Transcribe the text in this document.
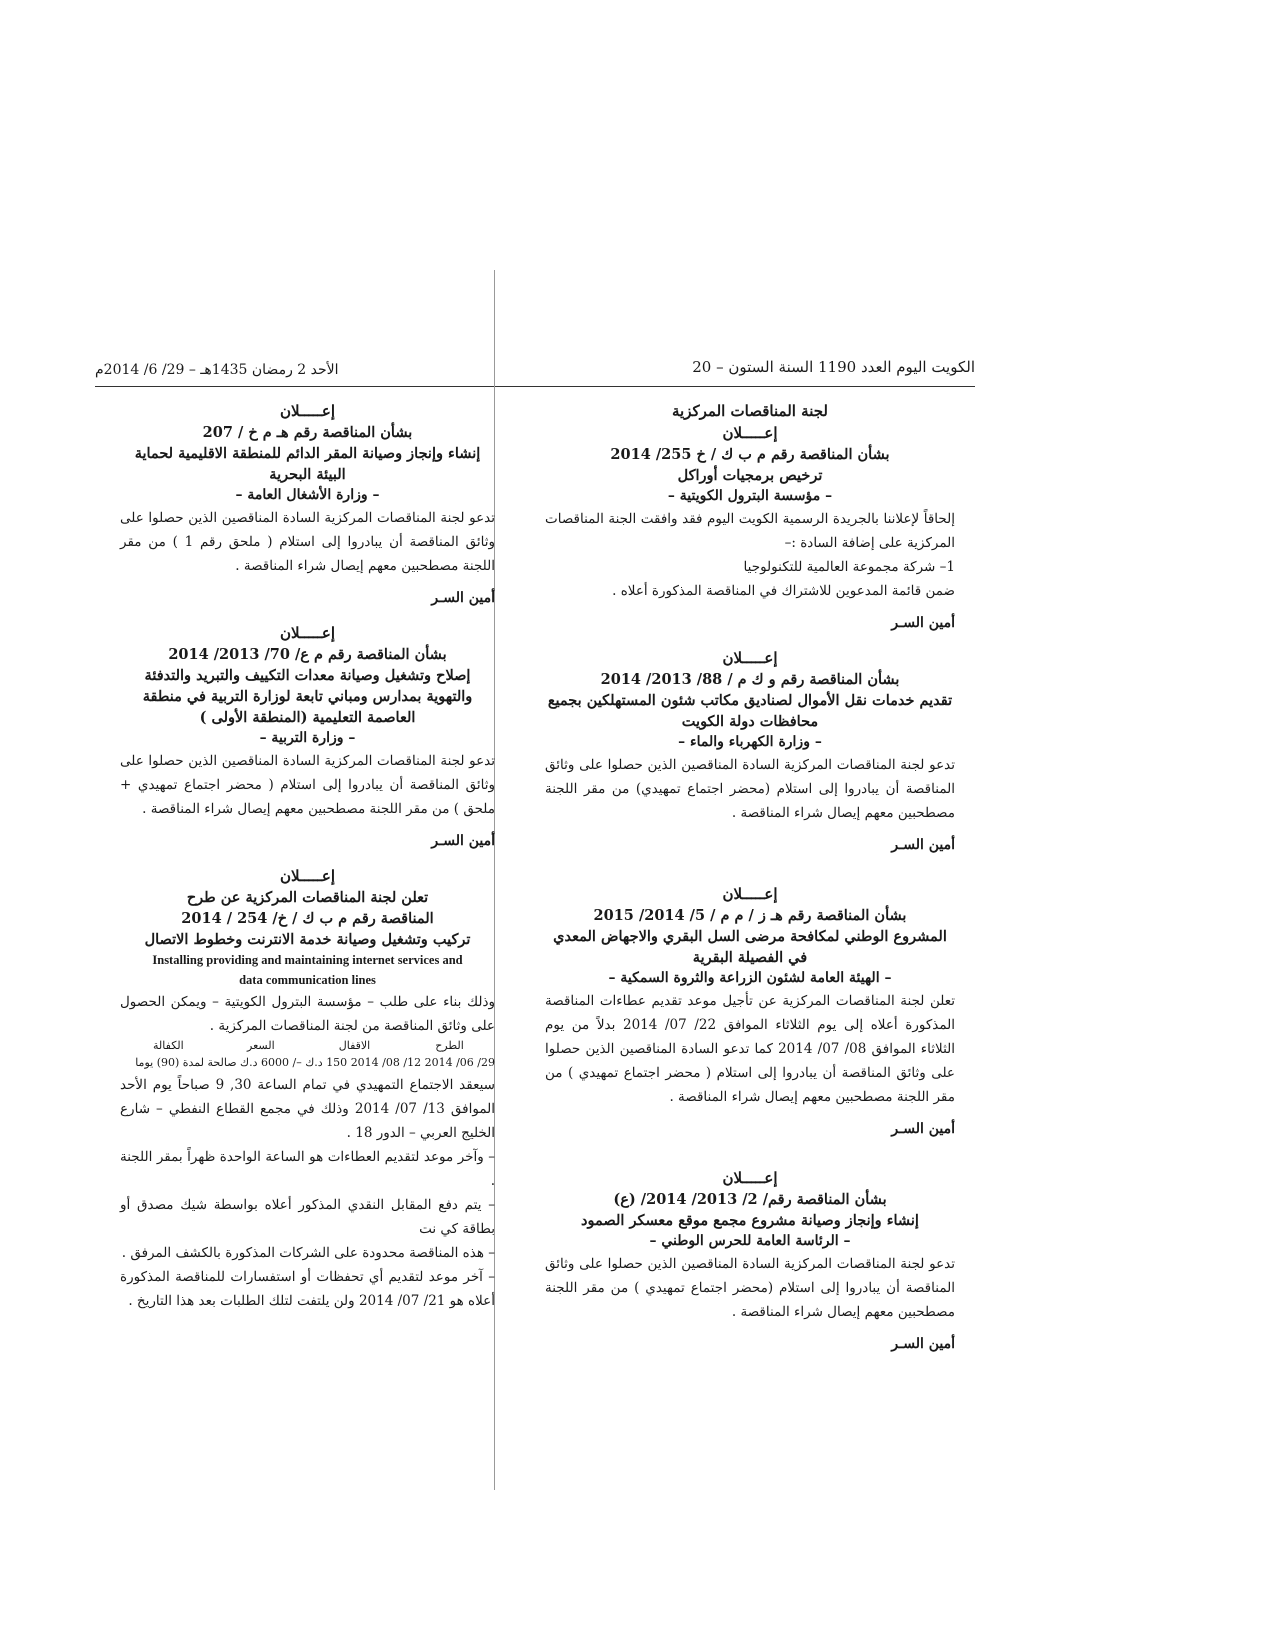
الكويت اليوم العدد 1190 السنة الستون – 20
الأحد 2 رمضان 1435هـ – 29/ 6/ 2014م
لجنة المناقصات المركزية
إعـــــلان
بشأن المناقصة رقم م ب ك / خ 255/ 2014
ترخيص برمجيات أوراكل
– مؤسسة البترول الكويتية –
إلحاقاً لإعلاننا بالجريدة الرسمية الكويت اليوم فقد وافقت الجنة المناقصات المركزية على إضافة السادة :–
1– شركة مجموعة العالمية للتكنولوجيا
ضمن قائمة المدعوين للاشتراك في المناقصة المذكورة أعلاه .
أمين السـر
إعـــــلان
بشأن المناقصة رقم و ك م / 88/ 2013/ 2014
تقديم خدمات نقل الأموال لصناديق مكاتب شئون المستهلكين بجميع محافظات دولة الكويت
– وزارة الكهرباء والماء –
تدعو لجنة المناقصات المركزية السادة المناقصين الذين حصلوا على وثائق المناقصة أن يبادروا إلى استلام (محضر اجتماع تمهيدي) من مقر اللجنة مصطحبين معهم إيصال شراء المناقصة .
أمين السـر
إعـــــلان
بشأن المناقصة رقم هـ ز / م م / 5/ 2014/ 2015
المشروع الوطني لمكافحة مرضى السل البقري والاجهاض المعدي في الفصيلة البقرية
– الهيئة العامة لشئون الزراعة والثروة السمكية –
تعلن لجنة المناقصات المركزية عن تأجيل موعد تقديم عطاءات المناقصة المذكورة أعلاه إلى يوم الثلاثاء الموافق 22/ 07/ 2014 بدلاً من يوم الثلاثاء الموافق 08/ 07/ 2014 كما تدعو السادة المناقصين الذين حصلوا على وثائق المناقصة أن يبادروا إلى استلام ( محضر اجتماع تمهيدي ) من مقر اللجنة مصطحبين معهم إيصال شراء المناقصة .
أمين السـر
إعـــــلان
بشأن المناقصة رقم/ 2/ 2013/ 2014/ (ع)
إنشاء وإنجاز وصيانة مشروع مجمع موقع معسكر الصمود
– الرئاسة العامة للحرس الوطني –
تدعو لجنة المناقصات المركزية السادة المناقصين الذين حصلوا على وثائق المناقصة أن يبادروا إلى استلام (محضر اجتماع تمهيدي ) من مقر اللجنة مصطحبين معهم إيصال شراء المناقصة .
أمين السـر
إعـــــلان
بشأن المناقصة رقم هـ م خ / 207
إنشاء وإنجاز وصيانة المقر الدائم للمنطقة الاقليمية لحماية البيئة البحرية
– وزارة الأشغال العامة –
تدعو لجنة المناقصات المركزية السادة المناقصين الذين حصلوا على وثائق المناقصة أن يبادروا إلى استلام ( ملحق رقم 1 ) من مقر اللجنة مصطحبين معهم إيصال شراء المناقصة .
أمين السـر
إعـــــلان
بشأن المناقصة رقم م ع/ 70/ 2013/ 2014
إصلاح وتشغيل وصيانة معدات التكييف والتبريد والتدفئة والتهوية بمدارس ومباني تابعة لوزارة التربية في منطقة العاصمة التعليمية (المنطقة الأولى )
– وزارة التربية –
تدعو لجنة المناقصات المركزية السادة المناقصين الذين حصلوا على وثائق المناقصة أن يبادروا إلى استلام ( محضر اجتماع تمهيدي + ملحق ) من مقر اللجنة مصطحبين معهم إيصال شراء المناقصة .
أمين السـر
إعـــــلان
تعلن لجنة المناقصات المركزية عن طرح
المناقصة رقم م ب ك / خ/ 254 / 2014
تركيب وتشغيل وصيانة خدمة الانترنت وخطوط الاتصال
Installing providing and maintaining internet services and
data communication lines
وذلك بناء على طلب – مؤسسة البترول الكويتية – ويمكن الحصول على وثائق المناقصة من لجنة المناقصات المركزية .
الطرح	الاقفال	السعر	الكفالة
29/ 06/ 2014 12/ 08/ 2014 150 د.ك –/ 6000 د.ك صالحة لمدة (90) يوما
سيعقد الاجتماع التمهيدي في تمام الساعة 30, 9 صباحاً يوم الأحد الموافق 13/ 07/ 2014 وذلك في مجمع القطاع النفطي – شارع الخليج العربي – الدور 18 .
– وآخر موعد لتقديم العطاءات هو الساعة الواحدة ظهراً بمقر اللجنة .
– يتم دفع المقابل النقدي المذكور أعلاه بواسطة شيك مصدق أو بطاقة كي نت
– هذه المناقصة محدودة على الشركات المذكورة بالكشف المرفق .
– آخر موعد لتقديم أي تحفظات أو استفسارات للمناقصة المذكورة أعلاه هو 21/ 07/ 2014 ولن يلتفت لتلك الطلبات بعد هذا التاريخ .
